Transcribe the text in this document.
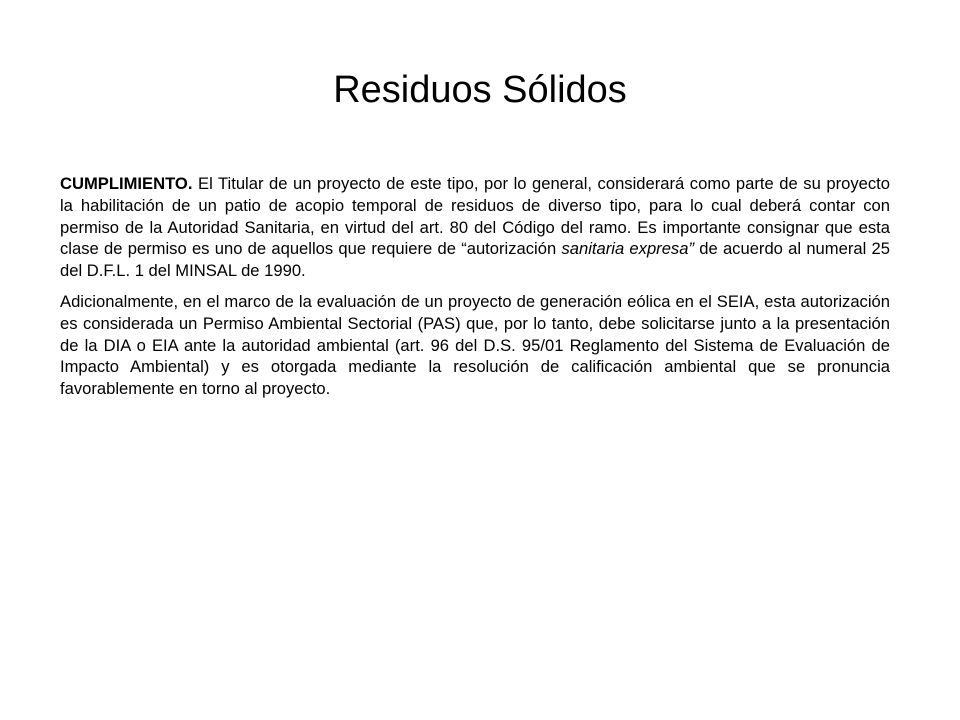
Residuos Sólidos

CUMPLIMIENTO. El Titular de un proyecto de este tipo, por lo general, considerará como parte de su proyecto la habilitación de un patio de acopio temporal de residuos de diverso tipo, para lo cual deberá contar con permiso de la Autoridad Sanitaria, en virtud del art. 80 del Código del ramo. Es importante consignar que esta clase de permiso es uno de aquellos que requiere de “autorización sanitaria expresa” de acuerdo al numeral 25 del D.F.L. 1 del MINSAL de 1990.

Adicionalmente, en el marco de la evaluación de un proyecto de generación eólica en el SEIA, esta autorización es considerada un Permiso Ambiental Sectorial (PAS) que, por lo tanto, debe solicitarse junto a la presentación de la DIA o EIA ante la autoridad ambiental (art. 96 del D.S. 95/01 Reglamento del Sistema de Evaluación de Impacto Ambiental) y es otorgada mediante la resolución de calificación ambiental que se pronuncia favorablemente en torno al proyecto.
